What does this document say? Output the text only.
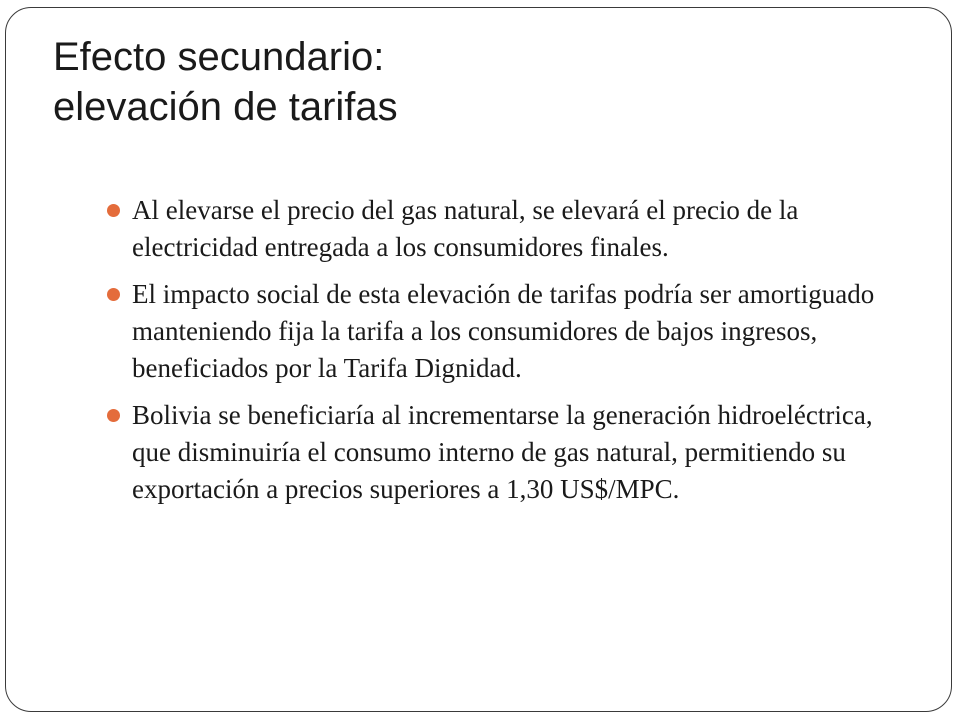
Efecto secundario:
elevación de tarifas
Al elevarse el precio del gas natural, se elevará el precio de la electricidad entregada a los consumidores finales.
El impacto social de esta elevación de tarifas podría ser amortiguado manteniendo fija la tarifa a los consumidores de bajos ingresos, beneficiados por la Tarifa Dignidad.
Bolivia se beneficiaría al incrementarse la generación hidroeléctrica, que disminuiría el consumo interno de gas natural, permitiendo su exportación a precios superiores a 1,30 US$/MPC.
